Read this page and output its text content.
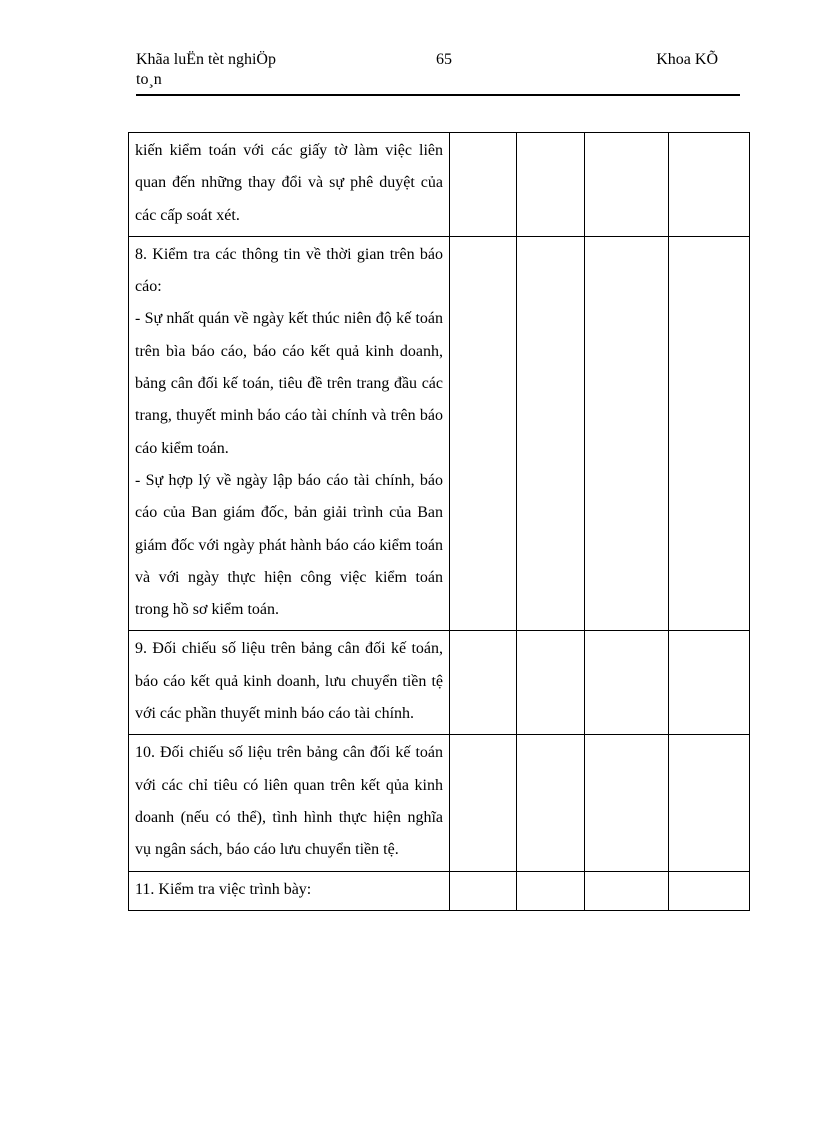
Khãa luËn tèt nghiÖp
to¸n
65	Khoa KÕ

kiến kiểm toán với các giấy tờ làm việc liên quan đến những thay đổi và sự phê duyệt của các cấp soát xét.				

8. Kiểm tra các thông tin về thời gian trên báo cáo:

- Sự nhất quán về ngày kết thúc niên độ kế toán trên bìa báo cáo, báo cáo kết quả kinh doanh, bảng cân đối kế toán, tiêu đề trên trang đầu các trang, thuyết minh báo cáo tài chính và trên báo cáo kiểm toán.

- Sự hợp lý về ngày lập báo cáo tài chính, báo cáo của Ban giám đốc, bản giải trình của Ban giám đốc với ngày phát hành báo cáo kiểm toán và với ngày thực hiện công việc kiểm toán trong hồ sơ kiểm toán.				

9. Đối chiếu số liệu trên bảng cân đối kế toán, báo cáo kết quả kinh doanh, lưu chuyển tiền tệ với các phần thuyết minh báo cáo tài chính.				

10. Đối chiếu số liệu trên bảng cân đối kế toán với các chỉ tiêu có liên quan trên kết qủa kinh doanh (nếu có thể), tình hình thực hiện nghĩa vụ ngân sách, báo cáo lưu chuyển tiền tệ.				

11. Kiểm tra việc trình bày:				
